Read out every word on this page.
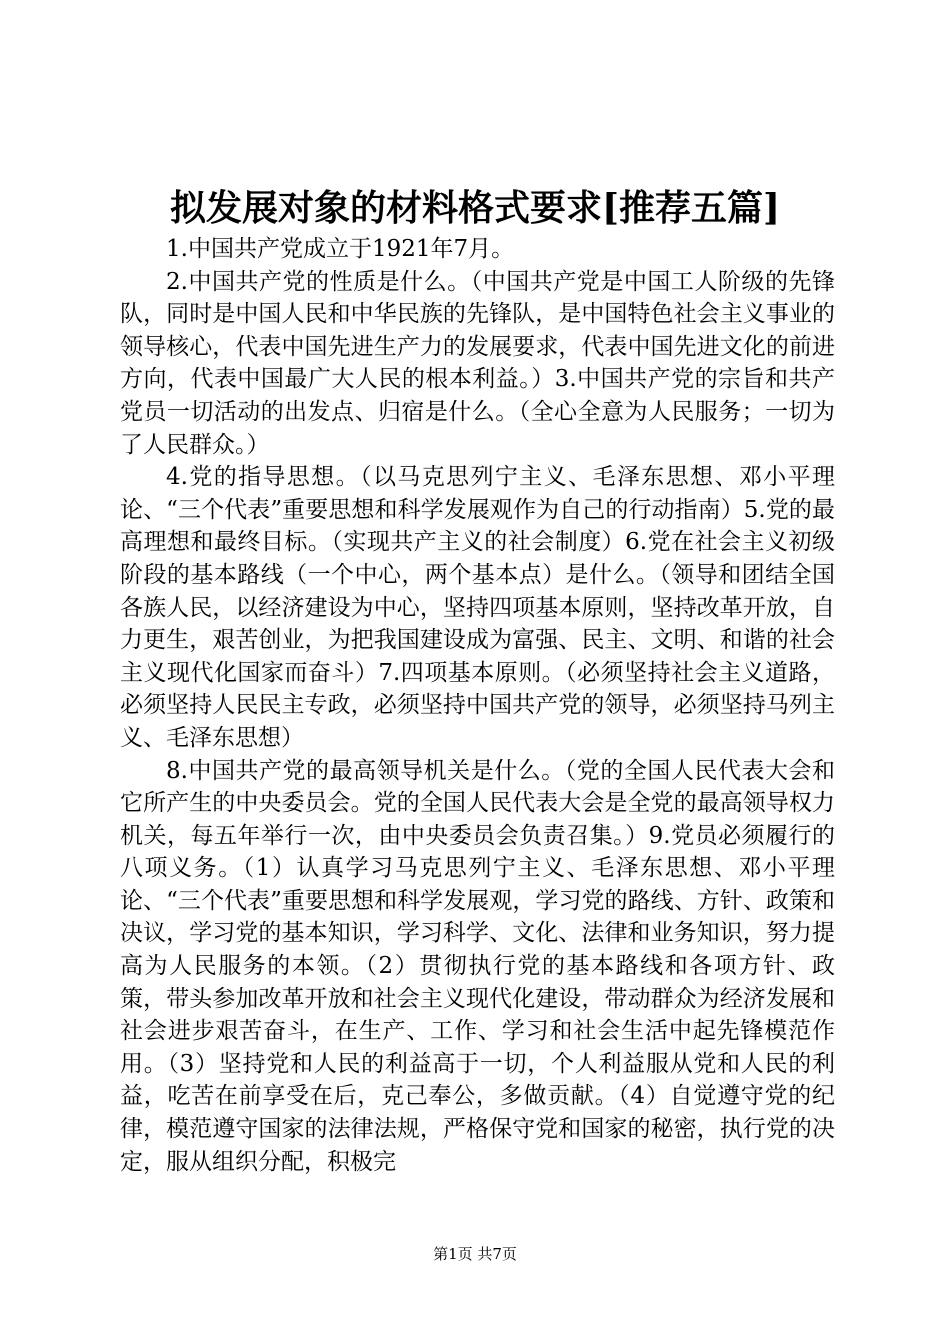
拟发展对象的材料格式要求[推荐五篇]

1.中国共产党成立于1921年7月。

2.中国共产党的性质是什么。（中国共产党是中国工人阶级的先锋队，同时是中国人民和中华民族的先锋队，是中国特色社会主义事业的领导核心，代表中国先进生产力的发展要求，代表中国先进文化的前进方向，代表中国最广大人民的根本利益。）3.中国共产党的宗旨和共产党员一切活动的出发点、归宿是什么。（全心全意为人民服务；一切为了人民群众。）

4.党的指导思想。（以马克思列宁主义、毛泽东思想、邓小平理论、“三个代表”重要思想和科学发展观作为自己的行动指南）5.党的最高理想和最终目标。（实现共产主义的社会制度）6.党在社会主义初级阶段的基本路线（一个中心，两个基本点）是什么。（领导和团结全国各族人民，以经济建设为中心，坚持四项基本原则，坚持改革开放，自力更生，艰苦创业，为把我国建设成为富强、民主、文明、和谐的社会主义现代化国家而奋斗）7.四项基本原则。（必须坚持社会主义道路，必须坚持人民民主专政，必须坚持中国共产党的领导，必须坚持马列主义、毛泽东思想）

8.中国共产党的最高领导机关是什么。（党的全国人民代表大会和它所产生的中央委员会。党的全国人民代表大会是全党的最高领导权力机关，每五年举行一次，由中央委员会负责召集。）9.党员必须履行的八项义务。（1）认真学习马克思列宁主义、毛泽东思想、邓小平理论、“三个代表”重要思想和科学发展观，学习党的路线、方针、政策和决议，学习党的基本知识，学习科学、文化、法律和业务知识，努力提高为人民服务的本领。（2）贯彻执行党的基本路线和各项方针、政策，带头参加改革开放和社会主义现代化建设，带动群众为经济发展和社会进步艰苦奋斗，在生产、工作、学习和社会生活中起先锋模范作用。（3）坚持党和人民的利益高于一切，个人利益服从党和人民的利益，吃苦在前享受在后，克己奉公，多做贡献。（4）自觉遵守党的纪律，模范遵守国家的法律法规，严格保守党和国家的秘密，执行党的决定，服从组织分配，积极完

第1页 共7页
